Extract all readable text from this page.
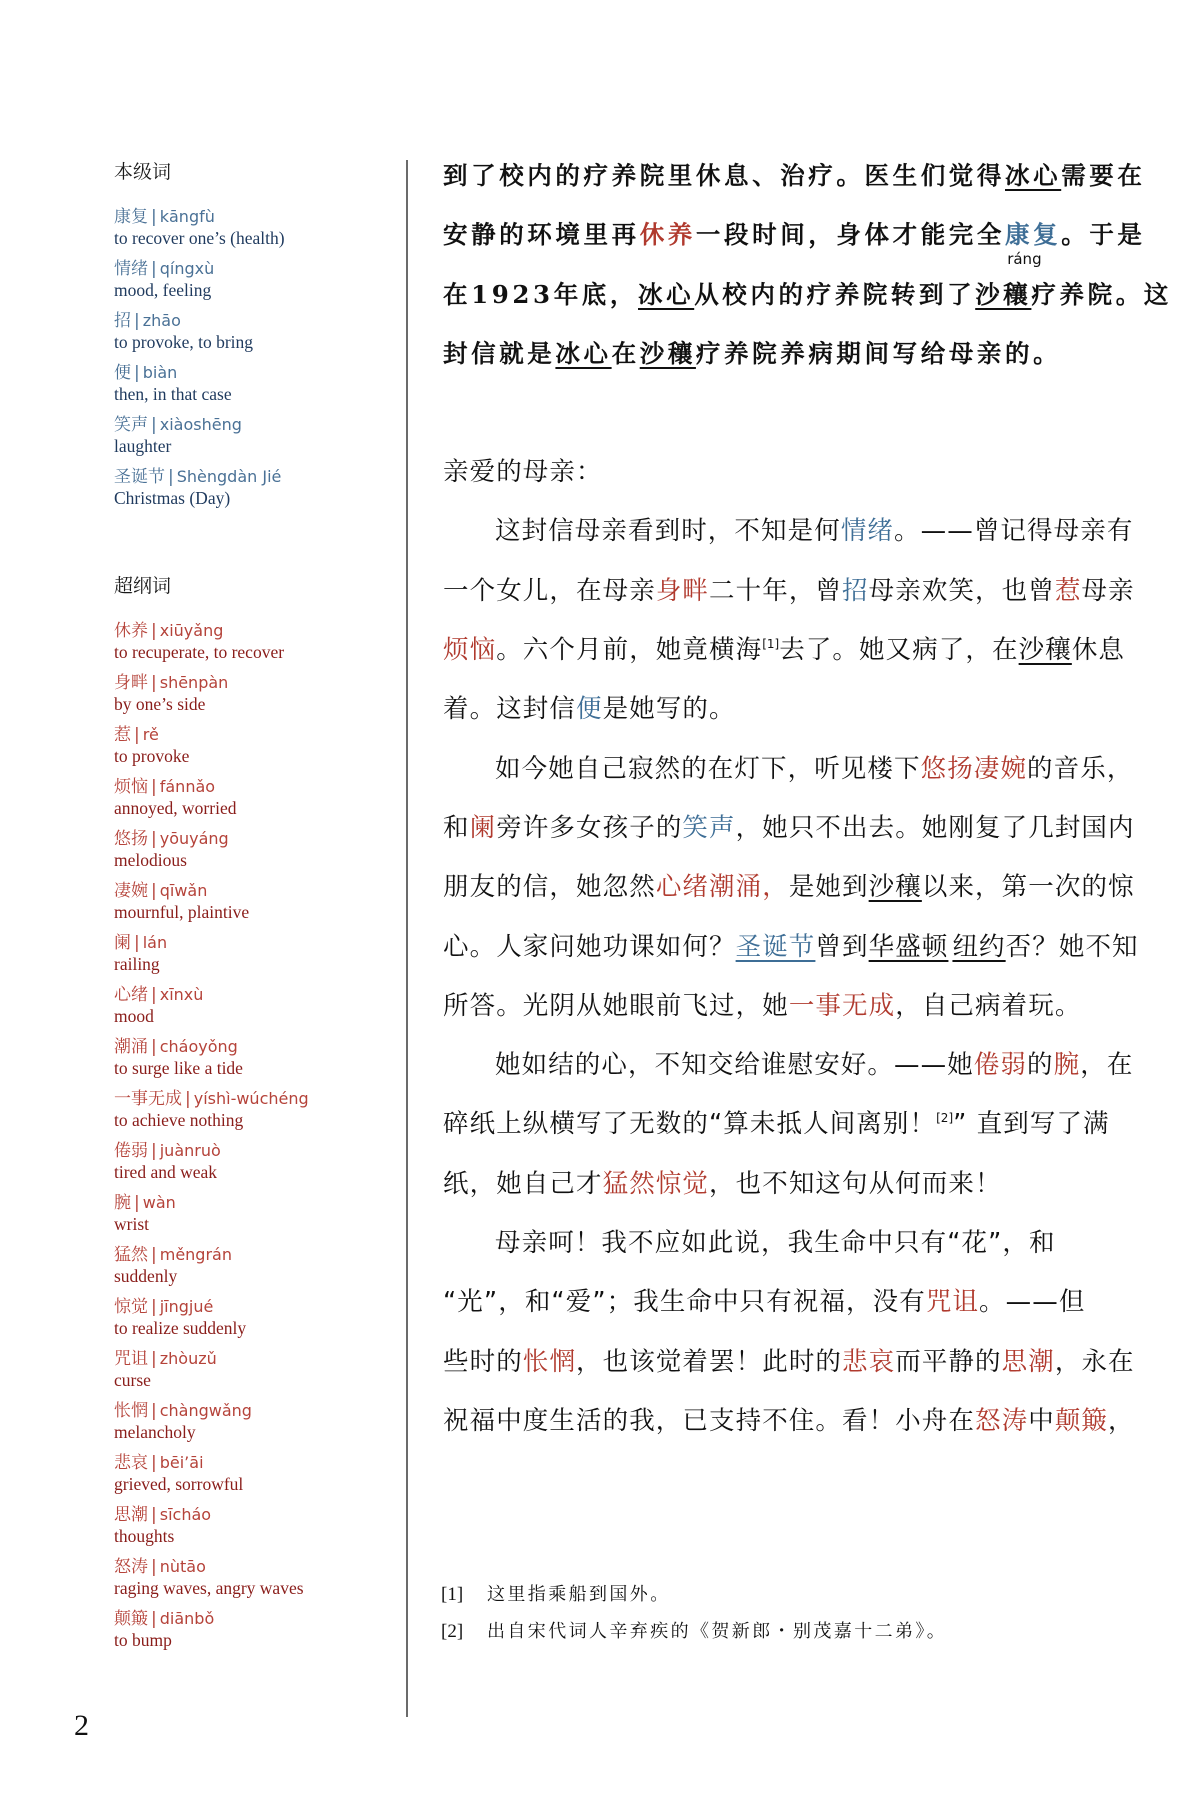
本级词
康复 | kāngfù
to recover one’s (health)
情绪 | qíngxù
mood, feeling
招 | zhāo
to provoke, to bring
便 | biàn
then, in that case
笑声 | xiàoshēng
laughter
圣诞节 | Shèngdàn Jié
Christmas (Day)
超纲词
休养 | xiūyǎng
to recuperate, to recover
身畔 | shēnpàn
by one’s side
惹 | rě
to provoke
烦恼 | fánnǎo
annoyed, worried
悠扬 | yōuyáng
melodious
凄婉 | qīwǎn
mournful, plaintive
阑 | lán
railing
心绪 | xīnxù
mood
潮涌 | cháoyǒng
to surge like a tide
一事无成 | yíshì-wúchéng
to achieve nothing
倦弱 | juànruò
tired and weak
腕 | wàn
wrist
猛然 | měngrán
suddenly
惊觉 | jīngjué
to realize suddenly
咒诅 | zhòuzǔ
curse
怅惘 | chàngwǎng
melancholy
悲哀 | bēi’āi
grieved, sorrowful
思潮 | sīcháo
thoughts
怒涛 | nùtāo
raging waves, angry waves
颠簸 | diānbǒ
to bump
到了校内的疗养院里休息、治疗。医生们觉得冰心需要在
安静的环境里再休养一段时间，身体才能完全康复。于是
在1923年底，冰心从校内的疗养院转到了
ráng
沙穰疗养院。这
封信就是冰心在沙穰疗养院养病期间写给母亲的。
亲爱的母亲：
这封信母亲看到时，不知是何情绪。——曾记得母亲有
一个女儿，在母亲身畔二十年，曾招母亲欢笑，也曾惹母亲
烦恼。六个月前，她竟横海[1]去了。她又病了，在沙穰休息
着。这封信便是她写的。
如今她自己寂然的在灯下，听见楼下悠扬凄婉的音乐，
和阑旁许多女孩子的笑声，她只不出去。她刚复了几封国内
朋友的信，她忽然心绪潮涌，是她到沙穰以来，第一次的惊
心。人家问她功课如何？圣诞节曾到华盛顿 纽约否？她不知
所答。光阴从她眼前飞过，她一事无成，自己病着玩。
她如结的心，不知交给谁慰安好。——她倦弱的腕，在
碎纸上纵横写了无数的“算未抵人间离别！[2]” 直到写了满
纸，她自己才猛然惊觉，也不知这句从何而来！
母亲呵！我不应如此说，我生命中只有“花”，和
“光”，和“爱”；我生命中只有祝福，没有咒诅。——但
些时的怅惘，也该觉着罢！此时的悲哀而平静的思潮，永在
祝福中度生活的我，已支持不住。看！小舟在怒涛中颠簸，
[1] 这里指乘船到国外。
[2] 出自宋代词人辛弃疾的《贺新郎・别茂嘉十二弟》。
2
